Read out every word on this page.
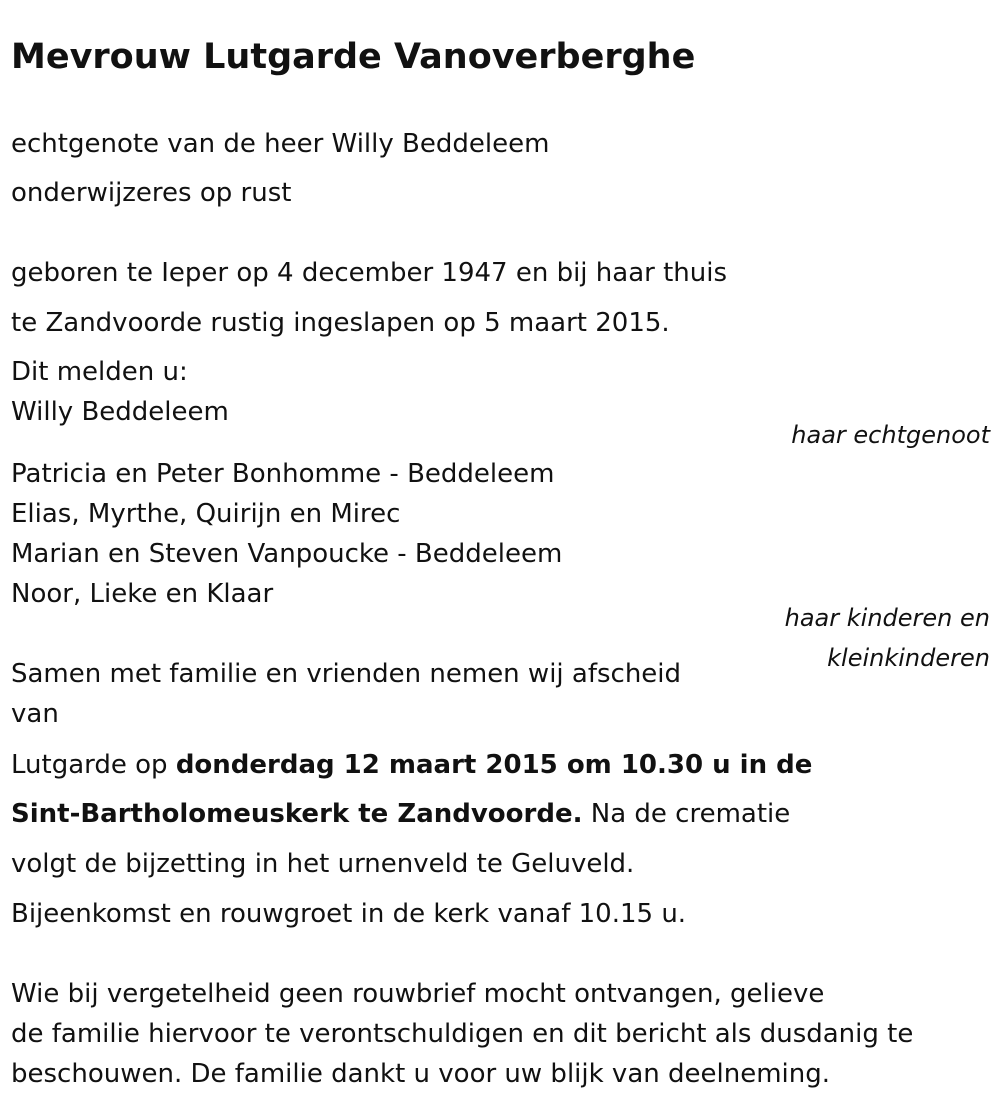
Mevrouw Lutgarde Vanoverberghe
echtgenote van de heer Willy Beddeleem
onderwijzeres op rust
geboren te Ieper op 4 december 1947 en bij haar thuis
te Zandvoorde rustig ingeslapen op 5 maart 2015.
Dit melden u:
Willy Beddeleem
haar echtgenoot
Patricia en Peter Bonhomme - Beddeleem
Elias, Myrthe, Quirijn en Mirec
Marian en Steven Vanpoucke - Beddeleem
Noor, Lieke en Klaar
haar kinderen en
kleinkinderen
Samen met familie en vrienden nemen wij afscheid
van
Lutgarde op donderdag 12 maart 2015 om 10.30 u in de
Sint-Bartholomeuskerk te Zandvoorde. Na de crematie
volgt de bijzetting in het urnenveld te Geluveld.
Bijeenkomst en rouwgroet in de kerk vanaf 10.15 u.
Wie bij vergetelheid geen rouwbrief mocht ontvangen, gelieve
de familie hiervoor te verontschuldigen en dit bericht als dusdanig te
beschouwen. De familie dankt u voor uw blijk van deelneming.
